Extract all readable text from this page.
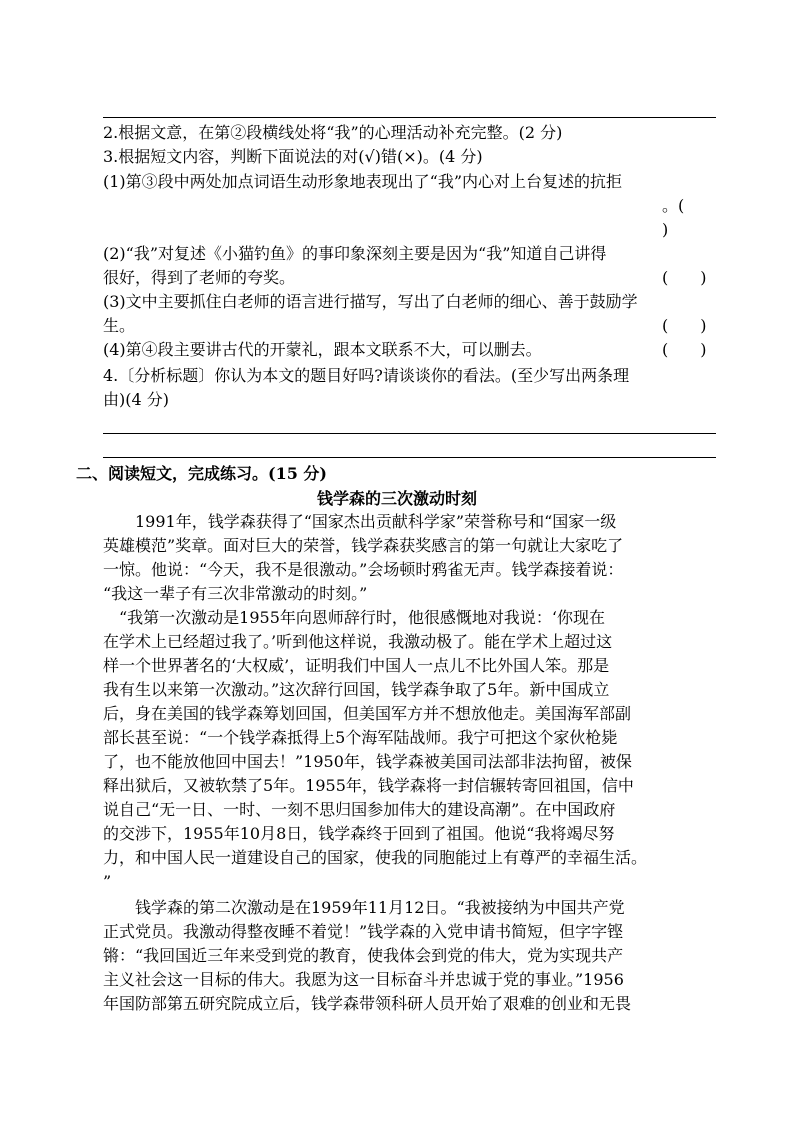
2.根据文意，在第②段横线处将“我”的心理活动补充完整。(2 分)
3.根据短文内容，判断下面说法的对(√)错(×)。(4 分)
(1)第③段中两处加点词语生动形象地表现出了“我”内心对上台复述的抗拒
。(
)
(2)“我”对复述《小猫钓鱼》的事印象深刻主要是因为“我”知道自己讲得
很好，得到了老师的夸奖。	(　　)
(3)文中主要抓住白老师的语言进行描写，写出了白老师的细心、善于鼓励学
生。	(　　)
(4)第④段主要讲古代的开蒙礼，跟本文联系不大，可以删去。	(　　)
4.〔分析标题〕你认为本文的题目好吗?请谈谈你的看法。(至少写出两条理
由)(4 分)
二、阅读短文，完成练习。(15 分)
钱学森的三次激动时刻
　　1991年，钱学森获得了“国家杰出贡献科学家”荣誉称号和“国家一级
英雄模范”奖章。面对巨大的荣誉，钱学森获奖感言的第一句就让大家吃了
一惊。他说：“今天，我不是很激动。”会场顿时鸦雀无声。钱学森接着说：
“我这一辈子有三次非常激动的时刻。”
　“我第一次激动是1955年向恩师辞行时，他很感慨地对我说：‘你现在
在学术上已经超过我了。’听到他这样说，我激动极了。能在学术上超过这
样一个世界著名的‘大权威’，证明我们中国人一点儿不比外国人笨。那是
我有生以来第一次激动。”这次辞行回国，钱学森争取了5年。新中国成立
后，身在美国的钱学森筹划回国，但美国军方并不想放他走。美国海军部副
部长甚至说：“一个钱学森抵得上5个海军陆战师。我宁可把这个家伙枪毙
了，也不能放他回中国去！”1950年，钱学森被美国司法部非法拘留，被保
释出狱后，又被软禁了5年。1955年，钱学森将一封信辗转寄回祖国，信中
说自己“无一日、一时、一刻不思归国参加伟大的建设高潮”。在中国政府
的交涉下，1955年10月8日，钱学森终于回到了祖国。他说“我将竭尽努
力，和中国人民一道建设自己的国家，使我的同胞能过上有尊严的幸福生活。
”
　　钱学森的第二次激动是在1959年11月12日。“我被接纳为中国共产党
正式党员。我激动得整夜睡不着觉！”钱学森的入党申请书简短，但字字铿
锵：“我回国近三年来受到党的教育，使我体会到党的伟大，党为实现共产
主义社会这一目标的伟大。我愿为这一目标奋斗并忠诚于党的事业。”1956
年国防部第五研究院成立后，钱学森带领科研人员开始了艰难的创业和无畏
